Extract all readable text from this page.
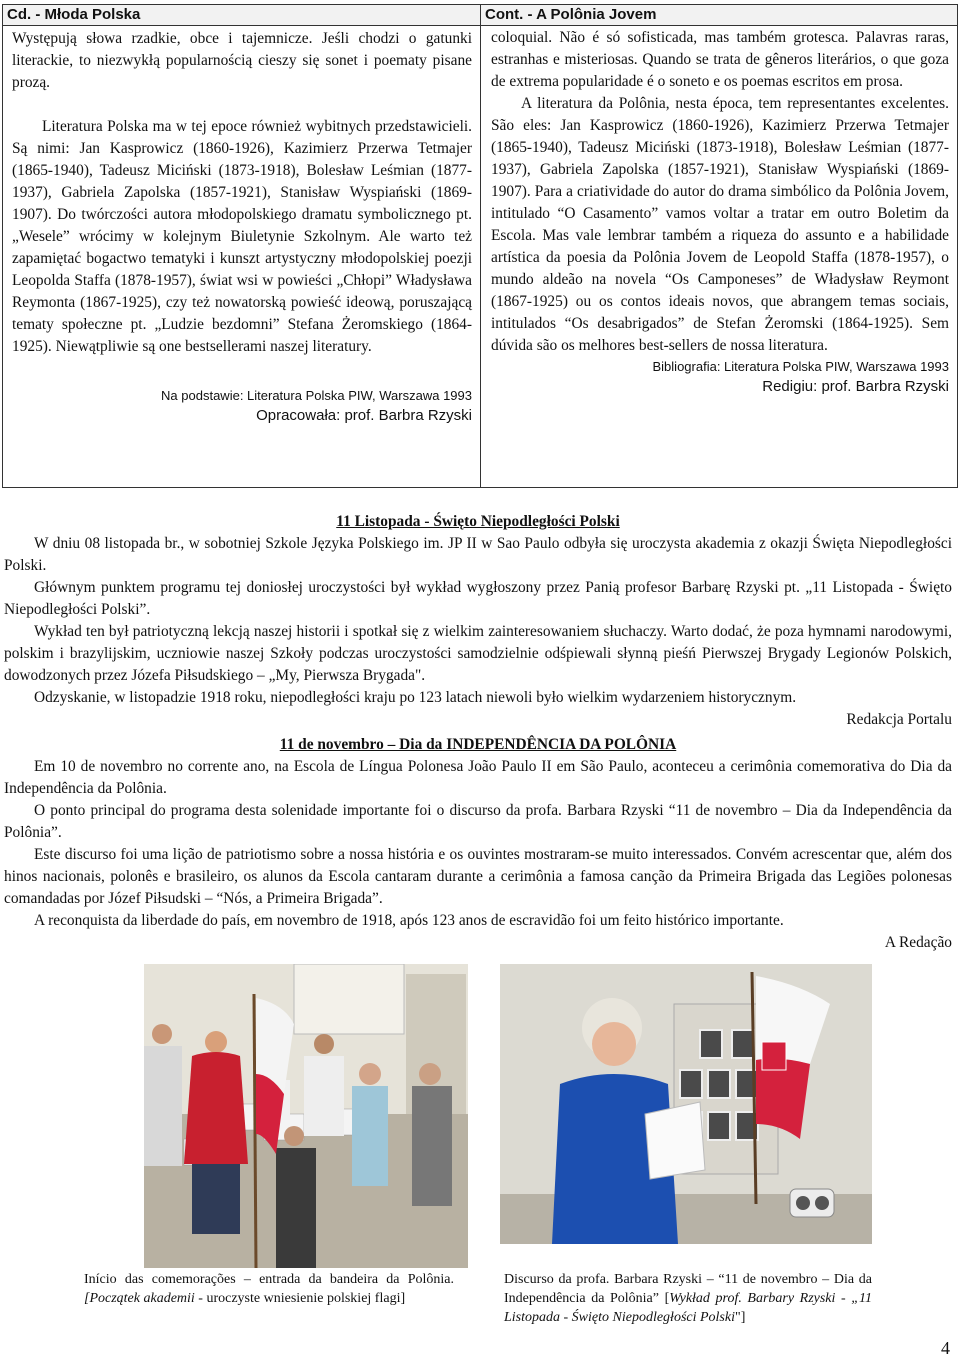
Cd. - Młoda Polska

Występują słowa rzadkie, obce i tajemnicze. Jeśli chodzi o gatunki literackie, to niezwykłą popularnością cieszy się sonet i poematy pisane prozą.

Literatura Polska ma w tej epoce również wybitnych przedstawicieli. Są nimi: Jan Kasprowicz (1860-1926), Kazimierz Przerwa Tetmajer (1865-1940), Tadeusz Miciński (1873-1918), Bolesław Leśmian (1877-1937), Gabriela Zapolska (1857-1921), Stanisław Wyspiański (1869-1907). Do twórczości autora młodopolskiego dramatu symbolicznego pt. „Wesele” wrócimy w kolejnym Biuletynie Szkolnym. Ale warto też zapamiętać bogactwo tematyki i kunszt artystyczny młodopolskiej poezji Leopolda Staffa (1878-1957), świat wsi w powieści „Chłopi” Władysława Reymonta (1867-1925), czy też nowatorską powieść ideową, poruszającą tematy społeczne pt. „Ludzie bezdomni” Stefana Żeromskiego (1864-1925). Niewątpliwie są one bestsellerami naszej literatury.

Na podstawie: Literatura Polska PIW, Warszawa 1993

Opracowała: prof. Barbra Rzyski

Cont. - A Polônia Jovem

coloquial. Não é só sofisticada, mas também grotesca. Palavras raras, estranhas e misteriosas. Quando se trata de gêneros literários, o que goza de extrema popularidade é o soneto e os poemas escritos em prosa.

A literatura da Polônia, nesta época, tem representantes excelentes. São eles: Jan Kasprowicz (1860-1926), Kazimierz Przerwa Tetmajer (1865-1940), Tadeusz Miciński (1873-1918), Bolesław Leśmian (1877-1937), Gabriela Zapolska (1857-1921), Stanisław Wyspiański (1869-1907). Para a criatividade do autor do drama simbólico da Polônia Jovem, intitulado “O Casamento” vamos voltar a tratar em outro Boletim da Escola. Mas vale lembrar também a riqueza do assunto e a habilidade artística da poesia da Polônia Jovem de Leopold Staffa (1878-1957), o mundo aldeão na novela “Os Camponeses” de Władysław Reymont (1867-1925) ou os contos ideais novos, que abrangem temas sociais, intitulados “Os desabrigados” de Stefan Żeromski (1864-1925). Sem dúvida são os melhores best-sellers de nossa literatura.

Bibliografia: Literatura Polska PIW, Warszawa 1993

Redigiu: prof. Barbra Rzyski

11 Listopada - Święto Niepodległości Polski

W dniu 08 listopada br., w sobotniej Szkole Języka Polskiego im. JP II w Sao Paulo odbyła się uroczysta akademia z okazji Święta Niepodległości Polski.

Głównym punktem programu tej doniosłej uroczystości był wykład wygłoszony przez Panią profesor Barbarę Rzyski pt. „11 Listopada - Święto Niepodległości Polski”.

Wykład ten był patriotyczną lekcją naszej historii i spotkał się z wielkim zainteresowaniem słuchaczy. Warto dodać, że poza hymnami narodowymi, polskim i brazylijskim, uczniowie naszej Szkoły podczas uroczystości samodzielnie odśpiewali słynną pieśń Pierwszej Brygady Legionów Polskich, dowodzonych przez Józefa Piłsudskiego – „My, Pierwsza Brygada".

Odzyskanie, w listopadzie 1918 roku, niepodległości kraju po 123 latach niewoli było wielkim wydarzeniem historycznym.

Redakcja Portalu

11 de novembro – Dia da INDEPENDÊNCIA DA POLÔNIA

Em 10 de novembro no corrente ano, na Escola de Língua Polonesa João Paulo II em São Paulo, aconteceu a cerimônia comemorativa do Dia da Independência da Polônia.

O ponto principal do programa desta solenidade importante foi o discurso da profa. Barbara Rzyski “11 de novembro – Dia da Independência da Polônia”.

Este discurso foi uma lição de patriotismo sobre a nossa história e os ouvintes mostraram-se muito interessados. Convém acrescentar que, além dos hinos nacionais, polonês e brasileiro, os alunos da Escola cantaram durante a cerimônia a famosa canção da Primeira Brigada das Legiões polonesas comandadas por Józef Piłsudski – “Nós, a Primeira Brigada”.

A reconquista da liberdade do país, em novembro de 1918, após 123 anos de escravidão foi um feito histórico importante.

A Redação

Início das comemorações – entrada da bandeira da Polônia. [Początek akademii - uroczyste wniesienie polskiej flagi]
Discurso da profa. Barbara Rzyski – “11 de novembro – Dia da Independência da Polônia” [Wykład prof. Barbary Rzyski - „11 Listopada - Święto Niepodległości Polski"]
4
